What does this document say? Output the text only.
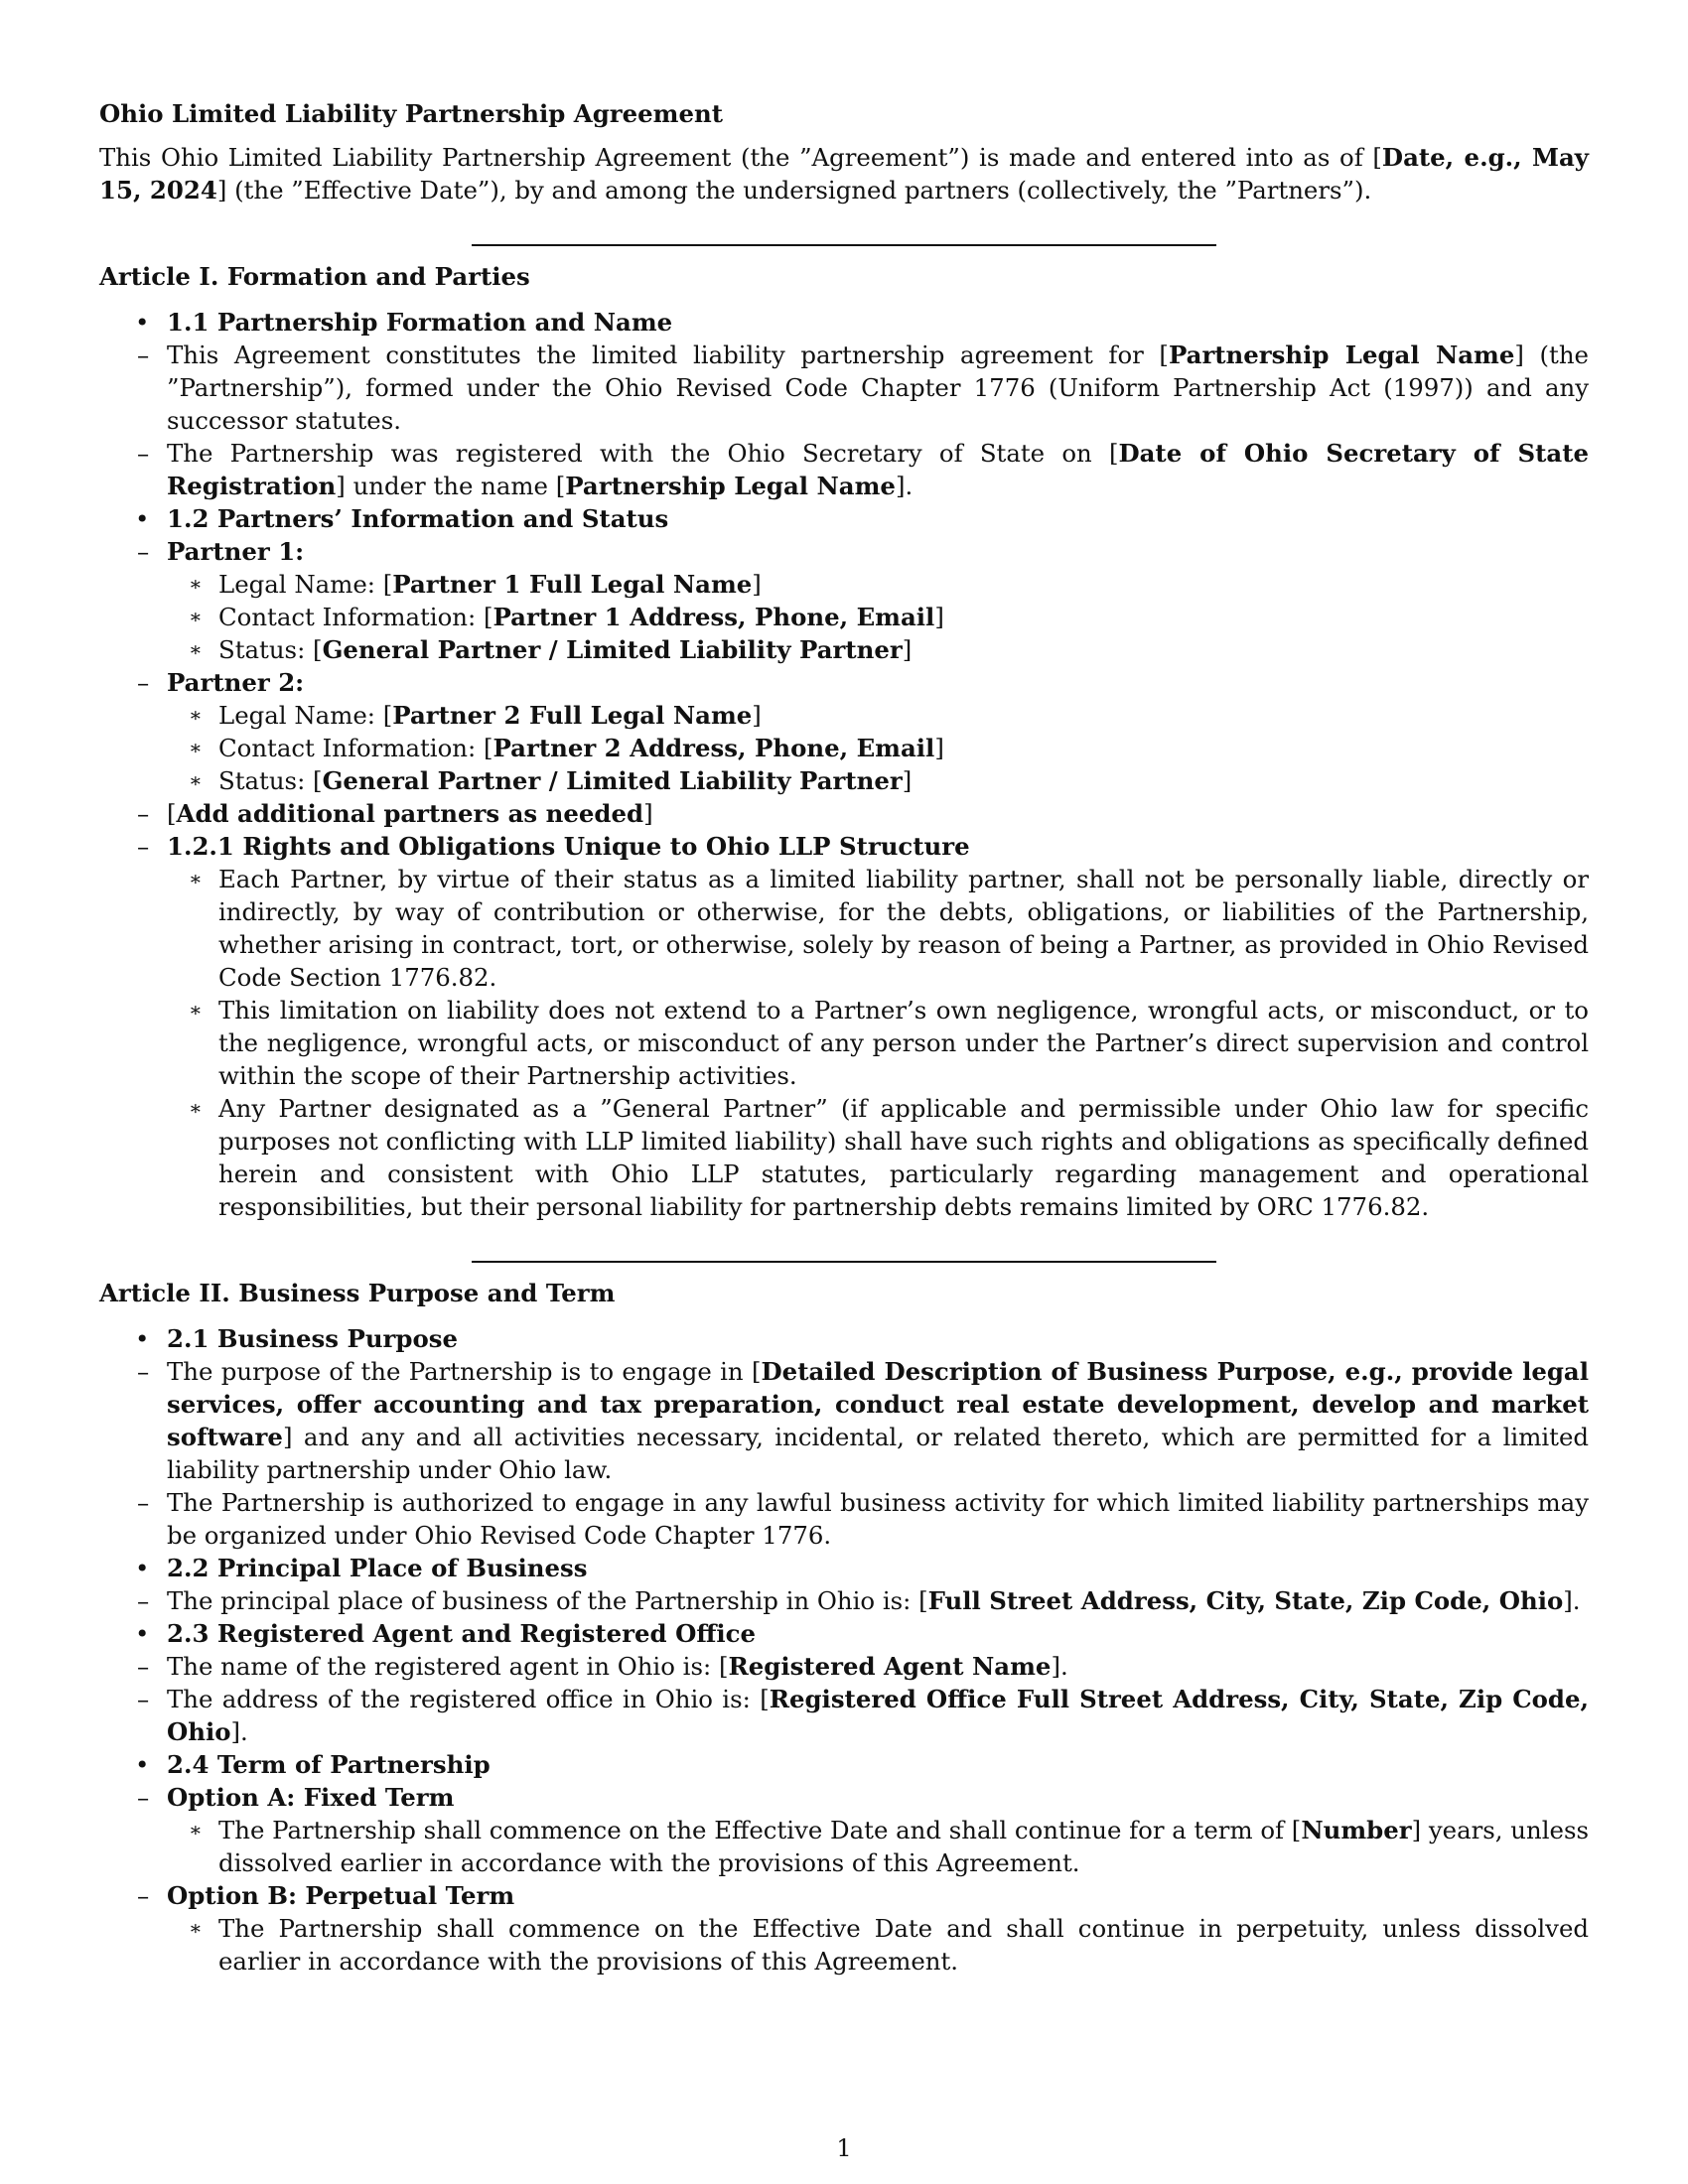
Ohio Limited Liability Partnership Agreement

This Ohio Limited Liability Partnership Agreement (the ”Agreement”) is made and entered into as of [Date, e.g., May 15, 2024] (the ”Effective Date”), by and among the undersigned partners (collectively, the ”Partners”).

Article I. Formation and Parties
• 1.1 Partnership Formation and Name
– This Agreement constitutes the limited liability partnership agreement for [Partnership Legal Name] (the ”Partnership”), formed under the Ohio Revised Code Chapter 1776 (Uniform Partnership Act (1997)) and any successor statutes.
– The Partnership was registered with the Ohio Secretary of State on [Date of Ohio Secretary of State Registration] under the name [Partnership Legal Name].
• 1.2 Partners’ Information and Status
– Partner 1:
∗ Legal Name: [Partner 1 Full Legal Name]
∗ Contact Information: [Partner 1 Address, Phone, Email]
∗ Status: [General Partner / Limited Liability Partner]
– Partner 2:
∗ Legal Name: [Partner 2 Full Legal Name]
∗ Contact Information: [Partner 2 Address, Phone, Email]
∗ Status: [General Partner / Limited Liability Partner]
– [Add additional partners as needed]
– 1.2.1 Rights and Obligations Unique to Ohio LLP Structure
∗ Each Partner, by virtue of their status as a limited liability partner, shall not be personally liable, directly or indirectly, by way of contribution or otherwise, for the debts, obligations, or liabilities of the Partnership, whether arising in contract, tort, or otherwise, solely by reason of being a Partner, as provided in Ohio Revised Code Section 1776.82.
∗ This limitation on liability does not extend to a Partner’s own negligence, wrongful acts, or misconduct, or to the negligence, wrongful acts, or misconduct of any person under the Partner’s direct supervision and control within the scope of their Partnership activities.
∗ Any Partner designated as a ”General Partner” (if applicable and permissible under Ohio law for specific purposes not conflicting with LLP limited liability) shall have such rights and obligations as specifically defined herein and consistent with Ohio LLP statutes, particularly regarding management and operational responsibilities, but their personal liability for partnership debts remains limited by ORC 1776.82.
Article II. Business Purpose and Term
• 2.1 Business Purpose
– The purpose of the Partnership is to engage in [Detailed Description of Business Purpose, e.g., provide legal services, offer accounting and tax preparation, conduct real estate development, develop and market software] and any and all activities necessary, incidental, or related thereto, which are permitted for a limited liability partnership under Ohio law.
– The Partnership is authorized to engage in any lawful business activity for which limited liability partnerships may be organized under Ohio Revised Code Chapter 1776.
• 2.2 Principal Place of Business
– The principal place of business of the Partnership in Ohio is: [Full Street Address, City, State, Zip Code, Ohio].
• 2.3 Registered Agent and Registered Office
– The name of the registered agent in Ohio is: [Registered Agent Name].
– The address of the registered office in Ohio is: [Registered Office Full Street Address, City, State, Zip Code, Ohio].
• 2.4 Term of Partnership
– Option A: Fixed Term
∗ The Partnership shall commence on the Effective Date and shall continue for a term of [Number] years, unless dissolved earlier in accordance with the provisions of this Agreement.
– Option B: Perpetual Term
∗ The Partnership shall commence on the Effective Date and shall continue in perpetuity, unless dissolved earlier in accordance with the provisions of this Agreement.
1
